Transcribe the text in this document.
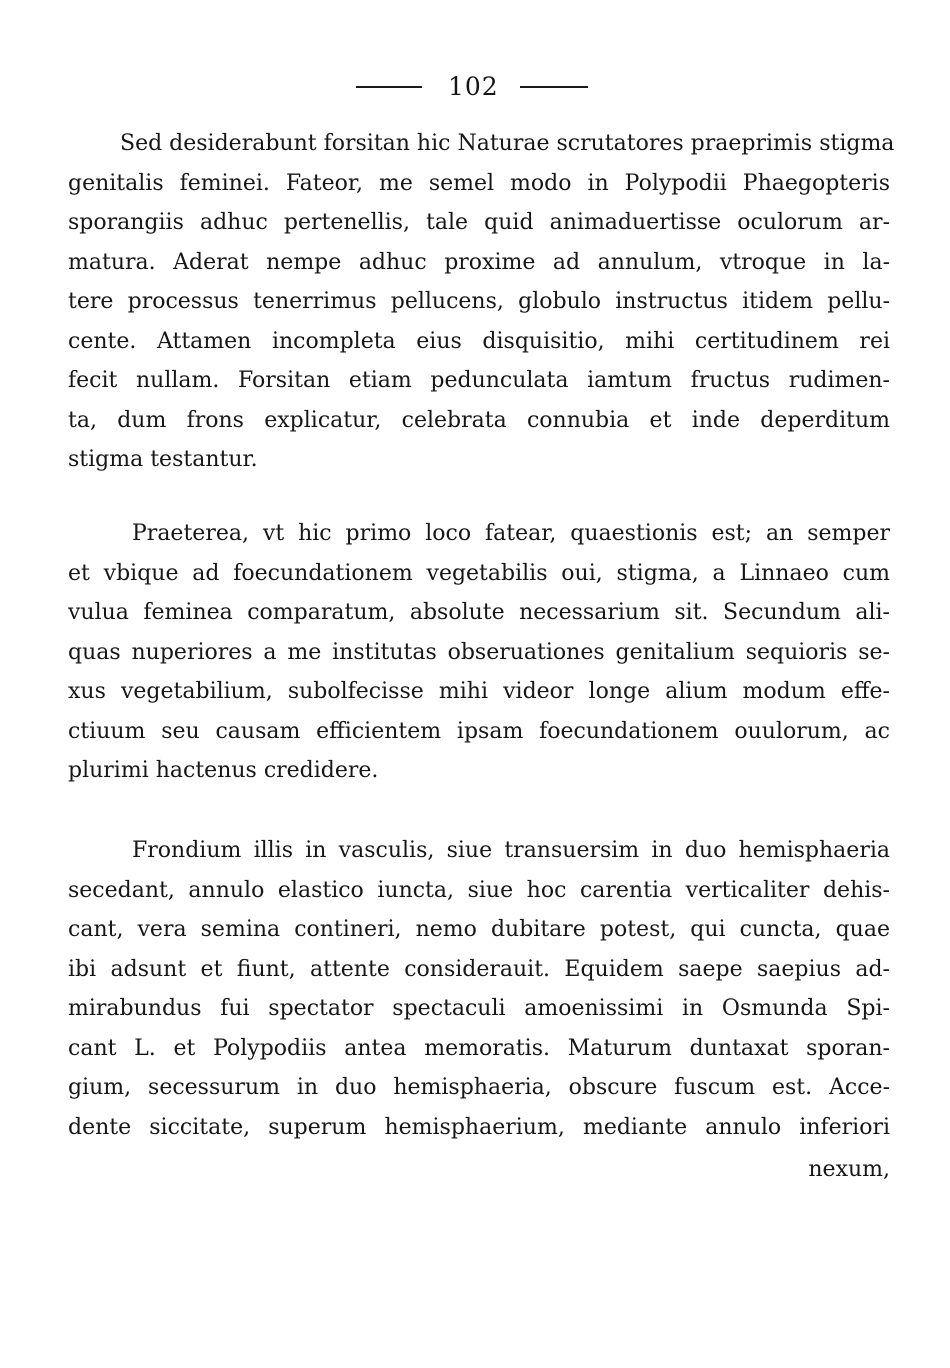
102
Sed desiderabunt forsitan hic Naturae scrutatores praeprimis stigma
genitalis feminei. Fateor, me semel modo in Polypodii Phaegopteris
sporangiis adhuc pertenellis, tale quid animaduertisse oculorum ar-
matura. Aderat nempe adhuc proxime ad annulum, vtroque in la-
tere processus tenerrimus pellucens, globulo instructus itidem pellu-
cente. Attamen incompleta eius disquisitio, mihi certitudinem rei
fecit nullam. Forsitan etiam pedunculata iamtum fructus rudimen-
ta, dum frons explicatur, celebrata connubia et inde deperditum
stigma testantur.
Praeterea, vt hic primo loco fatear, quaestionis est; an semper
et vbique ad foecundationem vegetabilis oui, stigma, a Linnaeo cum
vulua feminea comparatum, absolute necessarium sit. Secundum ali-
quas nuperiores a me institutas obseruationes genitalium sequioris se-
xus vegetabilium, subolfecisse mihi videor longe alium modum effe-
ctiuum seu causam efficientem ipsam foecundationem ouulorum, ac
plurimi hactenus credidere.
Frondium illis in vasculis, siue transuersim in duo hemisphaeria
secedant, annulo elastico iuncta, siue hoc carentia verticaliter dehis-
cant, vera semina contineri, nemo dubitare potest, qui cuncta, quae
ibi adsunt et fiunt, attente considerauit. Equidem saepe saepius ad-
mirabundus fui spectator spectaculi amoenissimi in Osmunda Spi-
cant L. et Polypodiis antea memoratis. Maturum duntaxat sporan-
gium, secessurum in duo hemisphaeria, obscure fuscum est. Acce-
dente siccitate, superum hemisphaerium, mediante annulo inferiori
nexum,
